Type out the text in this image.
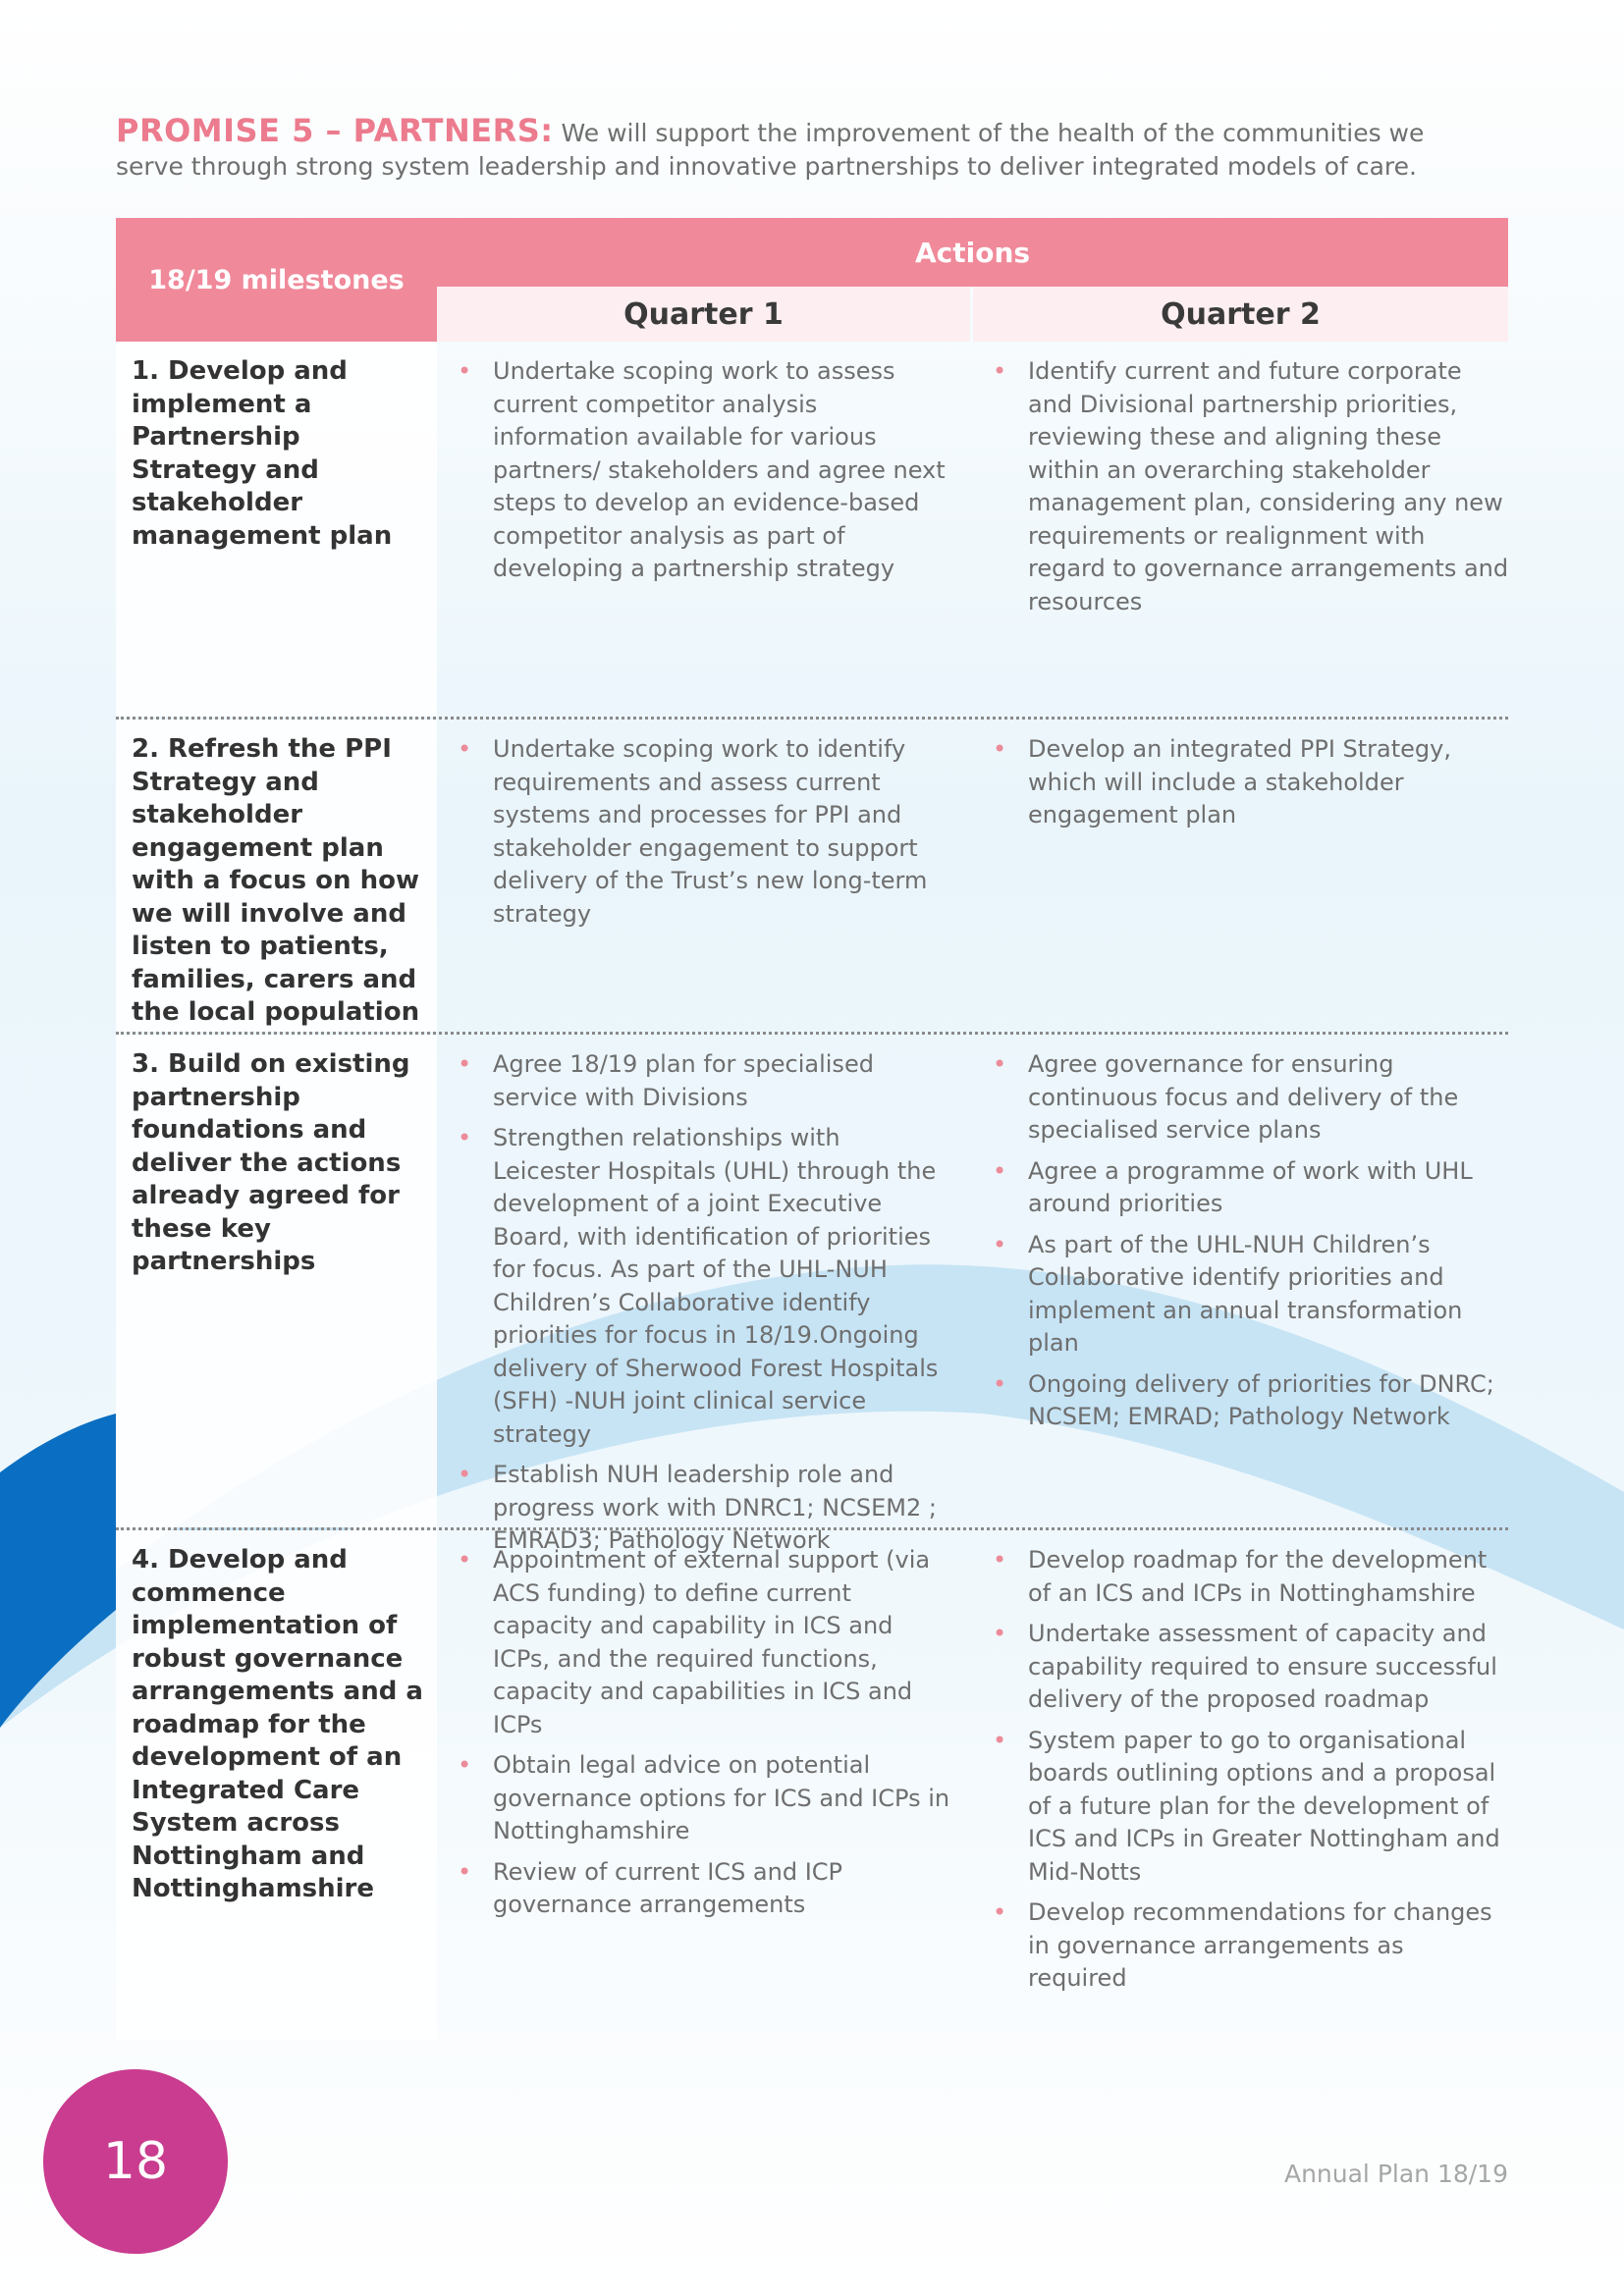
PROMISE 5 – PARTNERS: We will support the improvement of the health of the communities we serve through strong system leadership and innovative partnerships to deliver integrated models of care.
18/19 milestones
Actions
Quarter 1	Quarter 2
1. Develop and implement a Partnership Strategy and stakeholder management plan
• Undertake scoping work to assess current competitor analysis information available for various partners/ stakeholders and agree next steps to develop an evidence-based competitor analysis as part of developing a partnership strategy
• Identify current and future corporate and Divisional partnership priorities, reviewing these and aligning these within an overarching stakeholder management plan, considering any new requirements or realignment with regard to governance arrangements and resources
2. Refresh the PPI Strategy and stakeholder engagement plan with a focus on how we will involve and listen to patients, families, carers and the local population
• Undertake scoping work to identify requirements and assess current systems and processes for PPI and stakeholder engagement to support delivery of the Trust’s new long-term strategy
• Develop an integrated PPI Strategy, which will include a stakeholder engagement plan
3. Build on existing partnership foundations and deliver the actions already agreed for these key partnerships
• Agree 18/19 plan for specialised service with Divisions
• Strengthen relationships with Leicester Hospitals (UHL) through the development of a joint Executive Board, with identification of priorities for focus. As part of the UHL-NUH Children’s Collaborative identify priorities for focus in 18/19.Ongoing delivery of Sherwood Forest Hospitals (SFH) -NUH joint clinical service strategy
• Establish NUH leadership role and progress work with DNRC1; NCSEM2 ; EMRAD3; Pathology Network
• Agree governance for ensuring continuous focus and delivery of the specialised service plans
• Agree a programme of work with UHL around priorities
• As part of the UHL-NUH Children’s Collaborative identify priorities and implement an annual transformation plan
• Ongoing delivery of priorities for DNRC; NCSEM; EMRAD; Pathology Network
4. Develop and commence implementation of robust governance arrangements and a roadmap for the development of an Integrated Care System across Nottingham and Nottinghamshire
• Appointment of external support (via ACS funding) to define current capacity and capability in ICS and ICPs, and the required functions, capacity and capabilities in ICS and ICPs
• Obtain legal advice on potential governance options for ICS and ICPs in Nottinghamshire
• Review of current ICS and ICP governance arrangements
• Develop roadmap for the development of an ICS and ICPs in Nottinghamshire
• Undertake assessment of capacity and capability required to ensure successful delivery of the proposed roadmap
• System paper to go to organisational boards outlining options and a proposal of a future plan for the development of ICS and ICPs in Greater Nottingham and Mid-Notts
• Develop recommendations for changes in governance arrangements as required
18	Annual Plan 18/19
